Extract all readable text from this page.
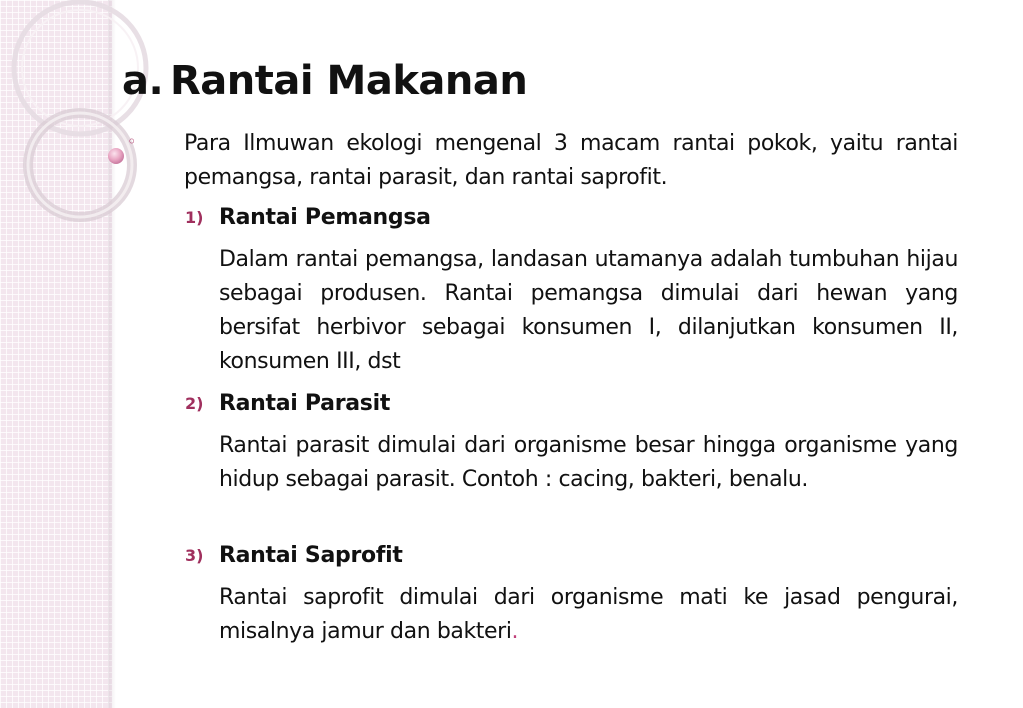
a. Rantai Makanan
◦ Para Ilmuwan ekologi mengenal 3 macam rantai pokok, yaitu rantai pemangsa, rantai parasit, dan rantai saprofit.

1) Rantai Pemangsa

Dalam rantai pemangsa, landasan utamanya adalah tumbuhan hijau sebagai produsen. Rantai pemangsa dimulai dari hewan yang bersifat herbivor sebagai konsumen I, dilanjutkan konsumen II, konsumen III, dst

2) Rantai Parasit

Rantai parasit dimulai dari organisme besar hingga organisme yang hidup sebagai parasit. Contoh : cacing, bakteri, benalu.

3) Rantai Saprofit

Rantai saprofit dimulai dari organisme mati ke jasad pengurai, misalnya jamur dan bakteri.
